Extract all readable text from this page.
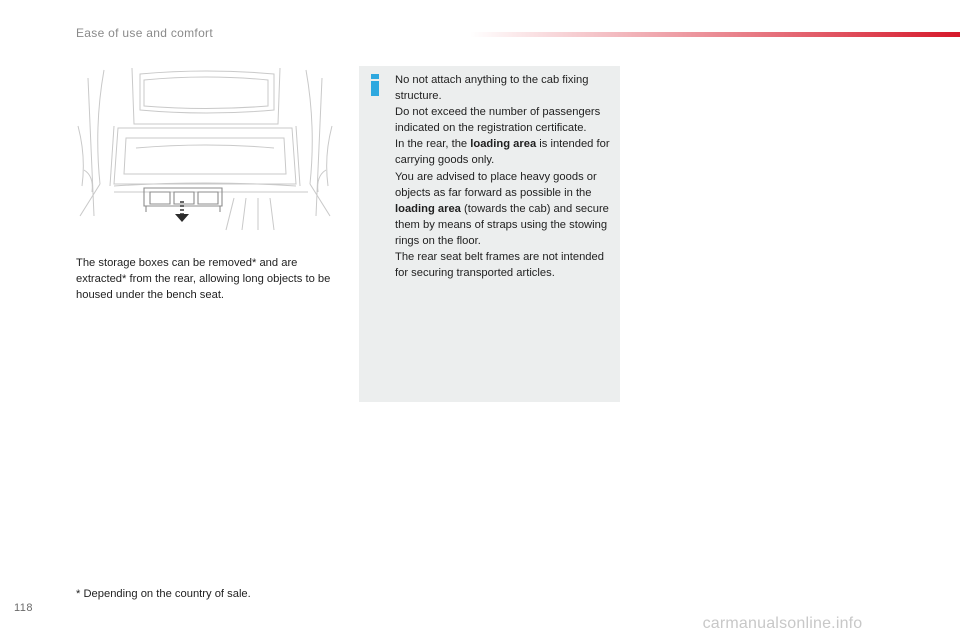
Ease of use and comfort

The storage boxes can be removed* and are extracted* from the rear, allowing long objects to be housed under the bench seat.

No not attach anything to the cab fixing structure.

Do not exceed the number of passengers indicated on the registration certificate.

In the rear, the loading area is intended for carrying goods only.

You are advised to place heavy goods or objects as far forward as possible in the loading area (towards the cab) and secure them by means of straps using the stowing rings on the floor.

The rear seat belt frames are not intended for securing transported articles.

* Depending on the country of sale.

118
carmanualsonline.info
